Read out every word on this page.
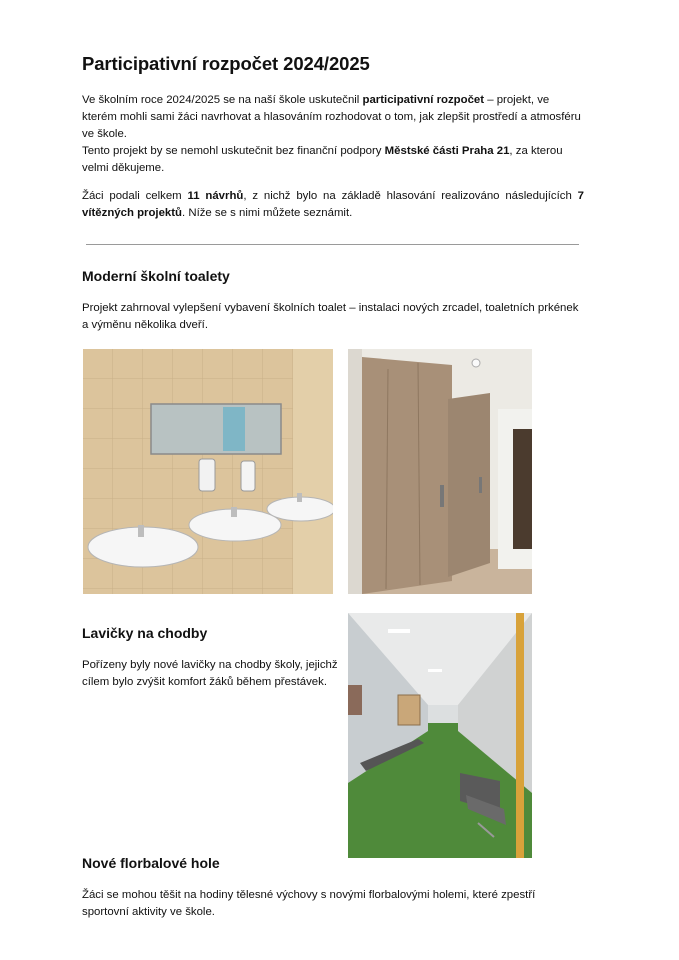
Participativní rozpočet 2024/2025

Ve školním roce 2024/2025 se na naší škole uskutečnil participativní rozpočet – projekt, ve kterém mohli sami žáci navrhovat a hlasováním rozhodovat o tom, jak zlepšit prostředí a atmosféru ve škole.
Tento projekt by se nemohl uskutečnit bez finanční podpory Městské části Praha 21, za kterou velmi děkujeme.

Žáci podali celkem 11 návrhů, z nichž bylo na základě hlasování realizováno následujících 7 vítězných projektů. Níže se s nimi můžete seznámit.

Moderní školní toalety

Projekt zahrnoval vylepšení vybavení školních toalet – instalaci nových zrcadel, toaletních prkének a výměnu několika dveří.

Lavičky na chodby

Pořízeny byly nové lavičky na chodby školy, jejichž cílem bylo zvýšit komfort žáků během přestávek.

Nové florbalové hole

Žáci se mohou těšit na hodiny tělesné výchovy s novými florbalovými holemi, které zpestří sportovní aktivity ve škole.
